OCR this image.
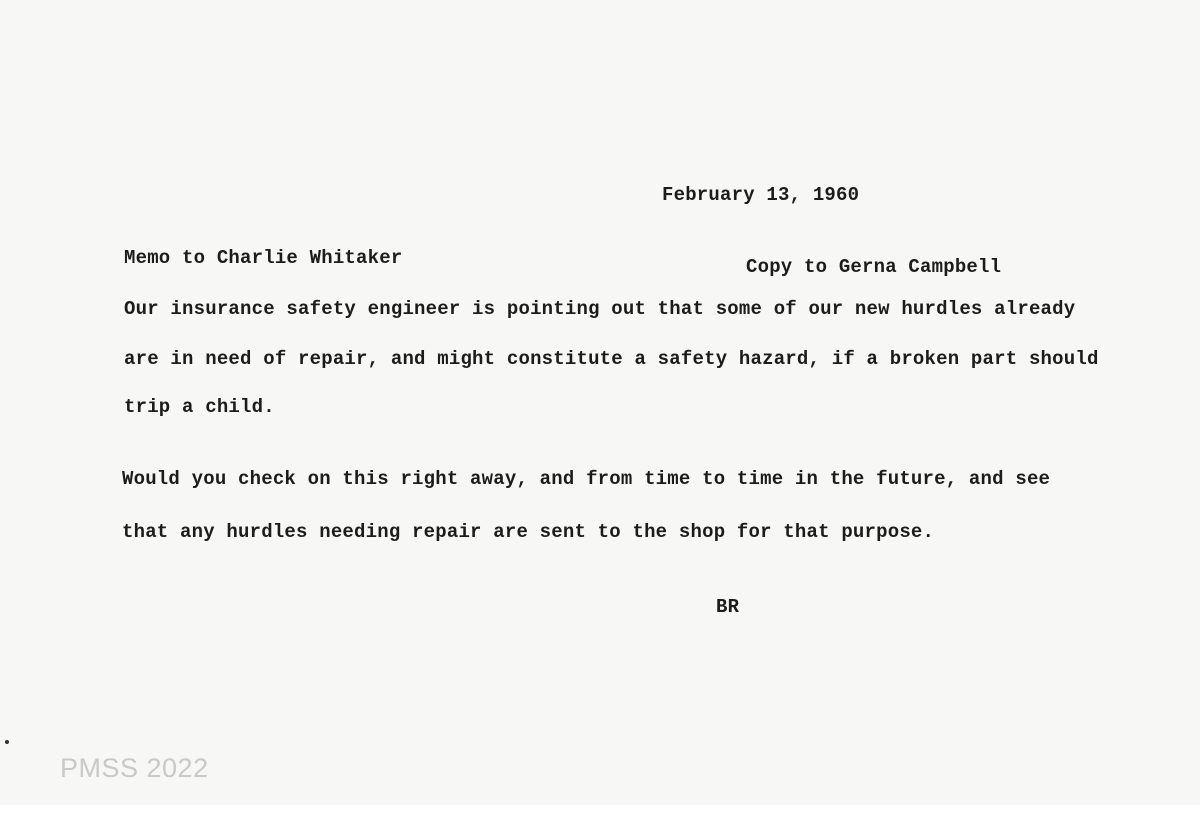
February 13, 1960
Memo to Charlie Whitaker	Copy to Gerna Campbell
Our insurance safety engineer is pointing out that some of our new hurdles already
are in need of repair, and might constitute a safety hazard, if a broken part should
trip a child.
Would you check on this right away, and from time to time in the future, and see
that any hurdles needing repair are sent to the shop for that purpose.
BR
PMSS 2022
